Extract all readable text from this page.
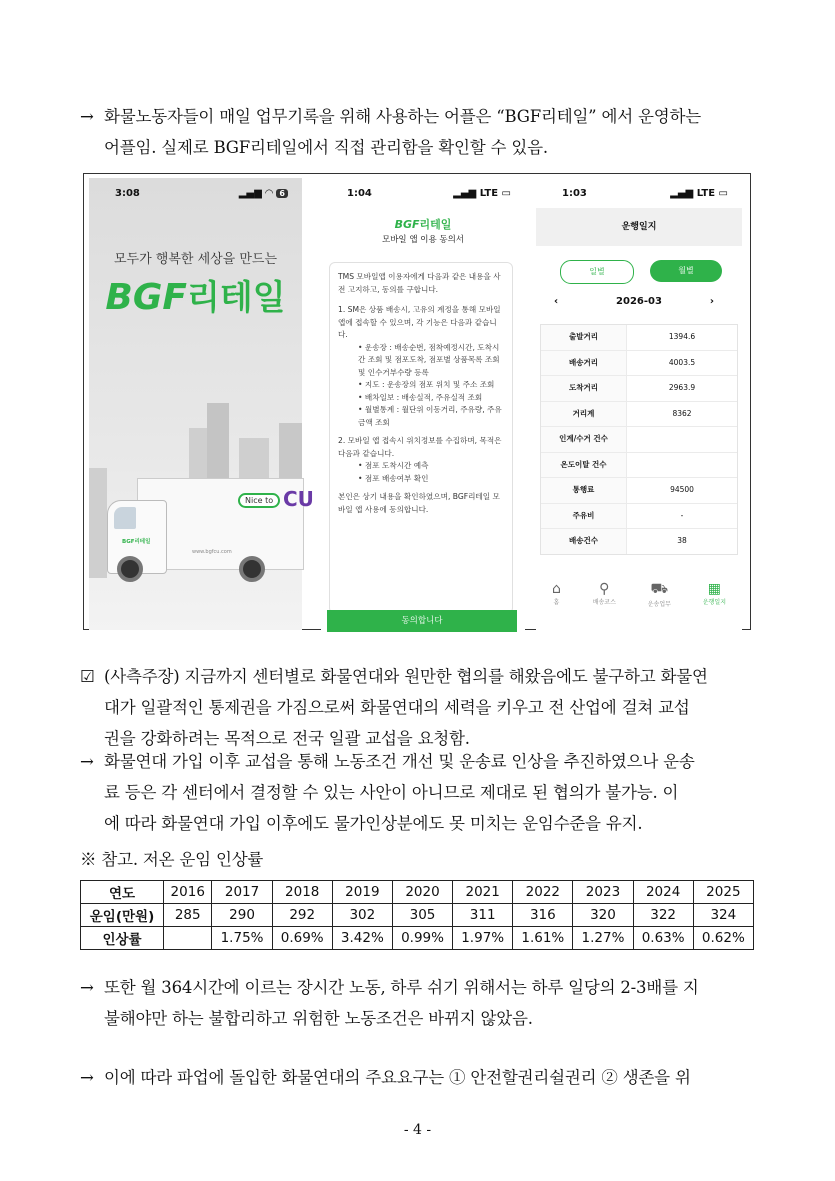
→ 화물노동자들이 매일 업무기록을 위해 사용하는 어플은 “BGF리테일” 에서 운영하는
어플임. 실제로 BGF리테일에서 직접 관리함을 확인할 수 있음.
3:08	▂▄▆ ◠ 6
모두가 행복한 세상을 만드는
BGF리테일
Nice to CU
www.bgfcu.com
BGF리테일
1:04	▂▄▆ LTE ▭
BGF리테일
모바일 앱 이용 동의서
TMS 모바일앱 이용자에게 다음과 같은 내용을 사전 고지하고, 동의를 구합니다.
1. SM은 상품 배송시, 고유의 계정을 통해 모바일 앱에 접속할 수 있으며, 각 기능은 다음과 같습니다.
• 운송장 : 배송순번, 점착예정시간, 도착시간 조회 및 점포도착, 점포별 상품목록 조회 및 인수거부수량 등록
• 지도 : 운송장의 점포 위치 및 주소 조회
• 배차일보 : 배송실적, 주유실적 조회
• 월별통계 : 월단위 이동거리, 주유량, 주유금액 조회
2. 모바일 앱 접속시 위치정보를 수집하며, 목적은 다음과 같습니다.
• 점포 도착시간 예측
• 점포 배송여부 확인
본인은 상기 내용을 확인하였으며, BGF리테일 모바일 앱 사용에 동의합니다.
동의합니다
1:03	▂▄▆ LTE ▭
운행일지
일별	월별
‹	2026-03	›
출발거리	1394.6
배송거리	4003.5
도착거리	2963.9
거리계	8362
인계/수거 건수
온도이탈 건수
통행료	94500
주유비	-
배송건수	38
⌂
홈
⚲
배송코스
⛟
운송업무
▦
운행일지
☑ (사측주장) 지금까지 센터별로 화물연대와 원만한 협의를 해왔음에도 불구하고 화물연
대가 일괄적인 통제권을 가짐으로써 화물연대의 세력을 키우고 전 산업에 걸쳐 교섭
권을 강화하려는 목적으로 전국 일괄 교섭을 요청함.
→ 화물연대 가입 이후 교섭을 통해 노동조건 개선 및 운송료 인상을 추진하였으나 운송
료 등은 각 센터에서 결정할 수 있는 사안이 아니므로 제대로 된 협의가 불가능. 이
에 따라 화물연대 가입 이후에도 물가인상분에도 못 미치는 운임수준을 유지.
※ 참고. 저온 운임 인상률
연도	2016	2017	2018	2019	2020	2021	2022	2023	2024	2025
운임(만원)	285	290	292	302	305	311	316	320	322	324
인상률		1.75%	0.69%	3.42%	0.99%	1.97%	1.61%	1.27%	0.63%	0.62%
→ 또한 월 364시간에 이르는 장시간 노동, 하루 쉬기 위해서는 하루 일당의 2-3배를 지
불해야만 하는 불합리하고 위험한 노동조건은 바뀌지 않았음.
→ 이에 따라 파업에 돌입한 화물연대의 주요요구는 ① 안전할권리쉴권리 ② 생존을 위
- 4 -
